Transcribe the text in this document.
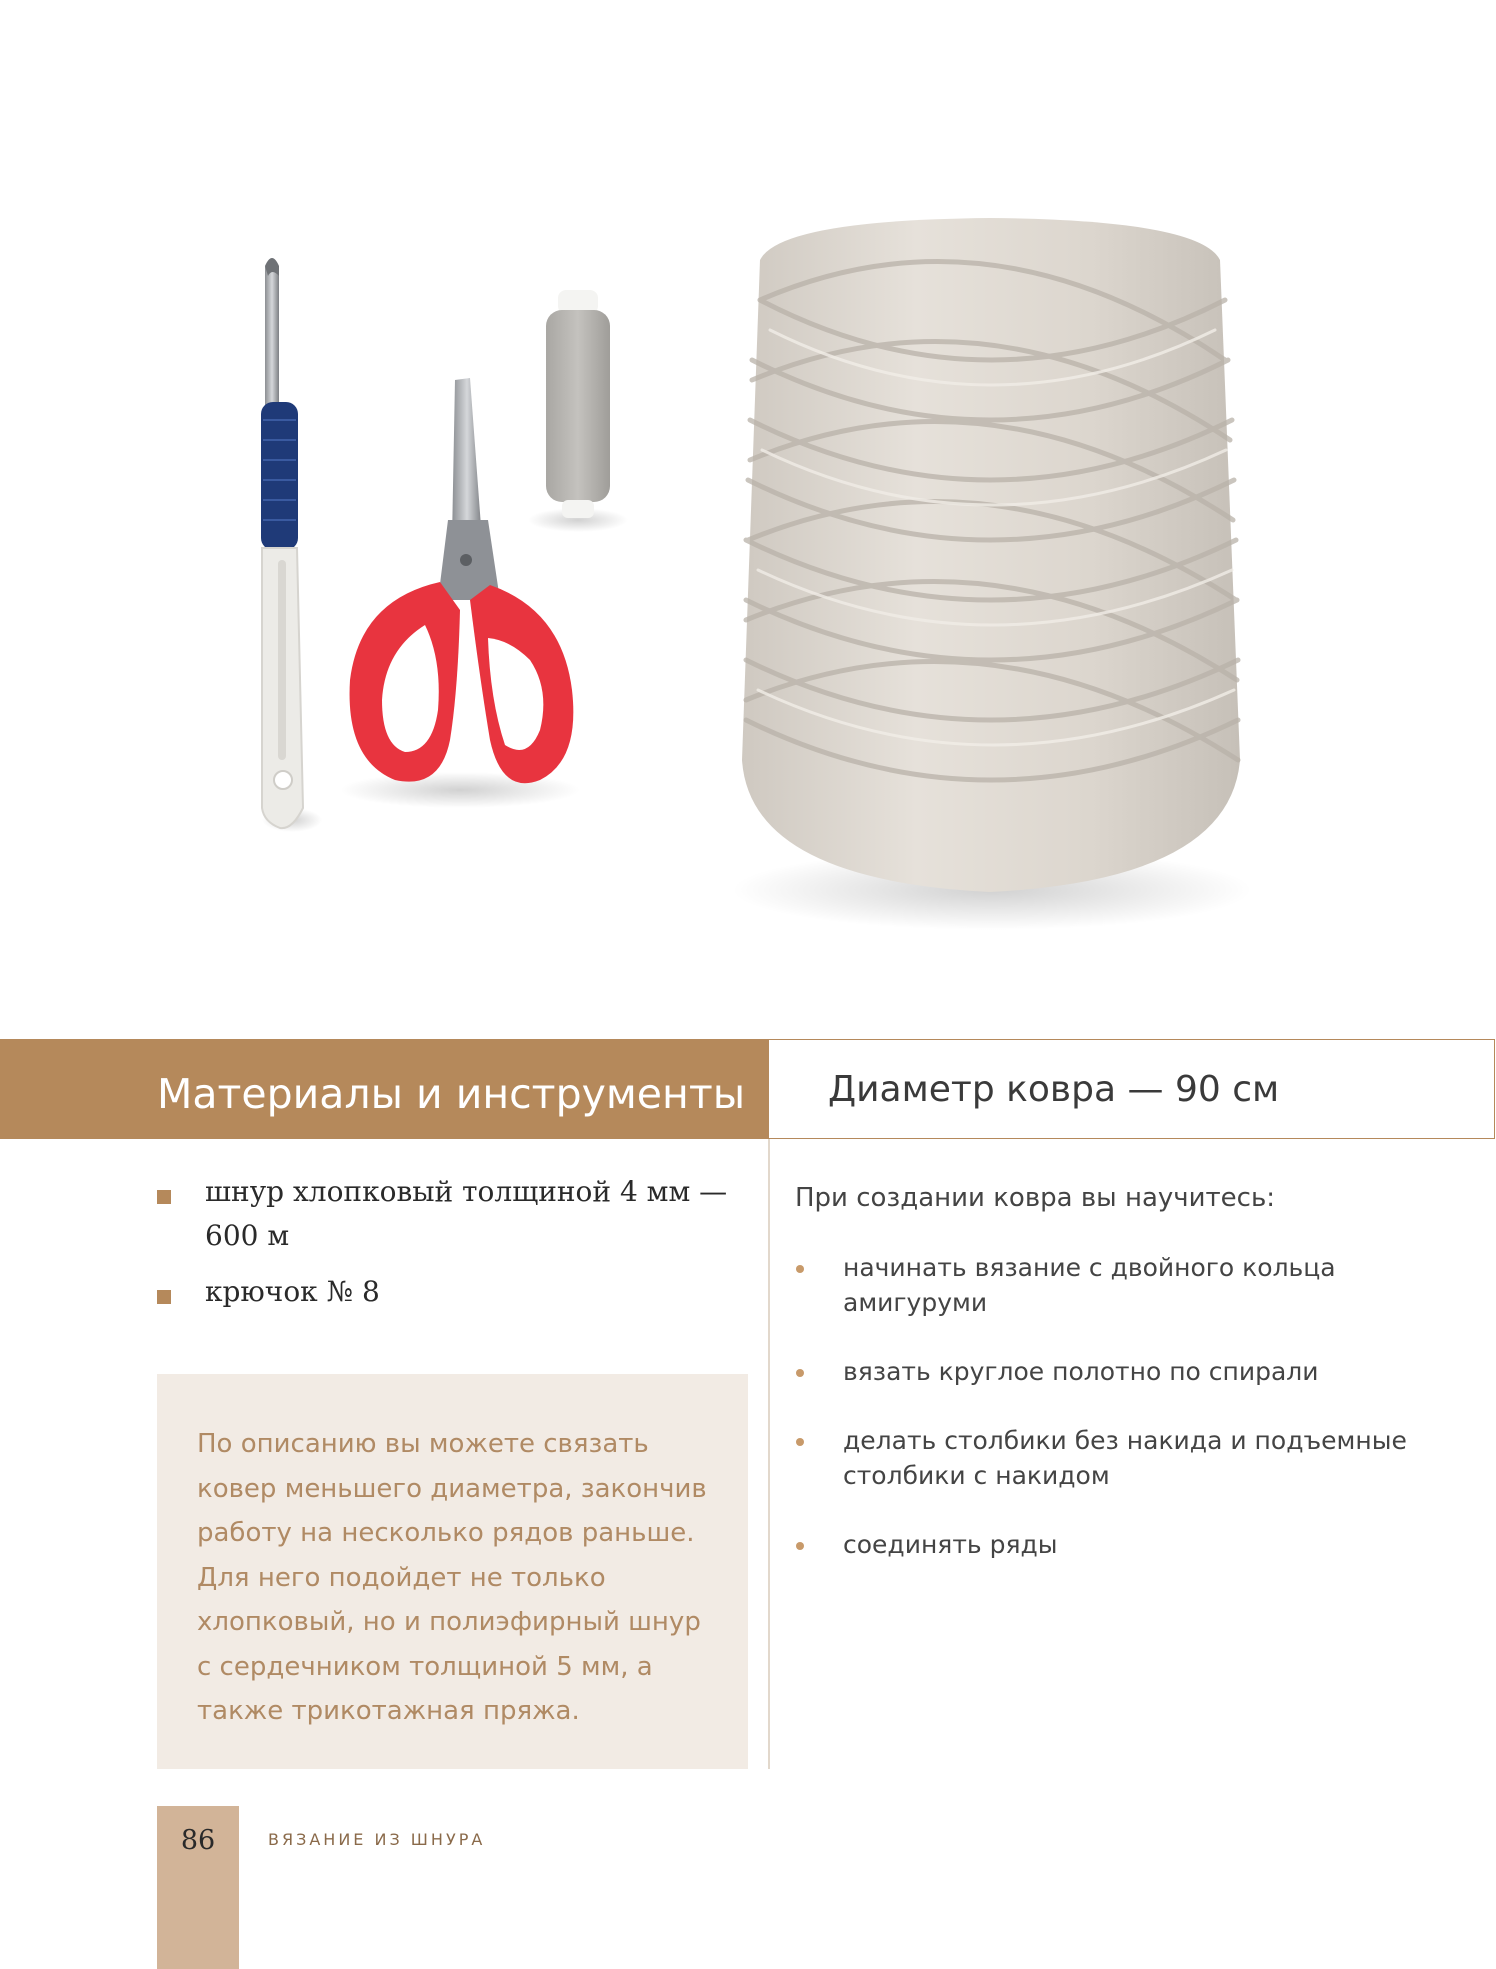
Материалы и инструменты	Диаметр ковра — 90 см
шнур хлопковый толщиной 4 мм — 600 м
крючок № 8
По описанию вы можете связать ковер меньшего диаметра, закончив работу на несколько рядов раньше. Для него подойдет не только хлопковый, но и полиэфирный шнур с сердечником толщиной 5 мм, а также трикотажная пряжа.
При создании ковра вы научитесь:
начинать вязание с двойного кольца амигуруми
вязать круглое полотно по спирали
делать столбики без накида и подъемные столбики с накидом
соединять ряды
86	ВЯЗАНИЕ ИЗ ШНУРА
